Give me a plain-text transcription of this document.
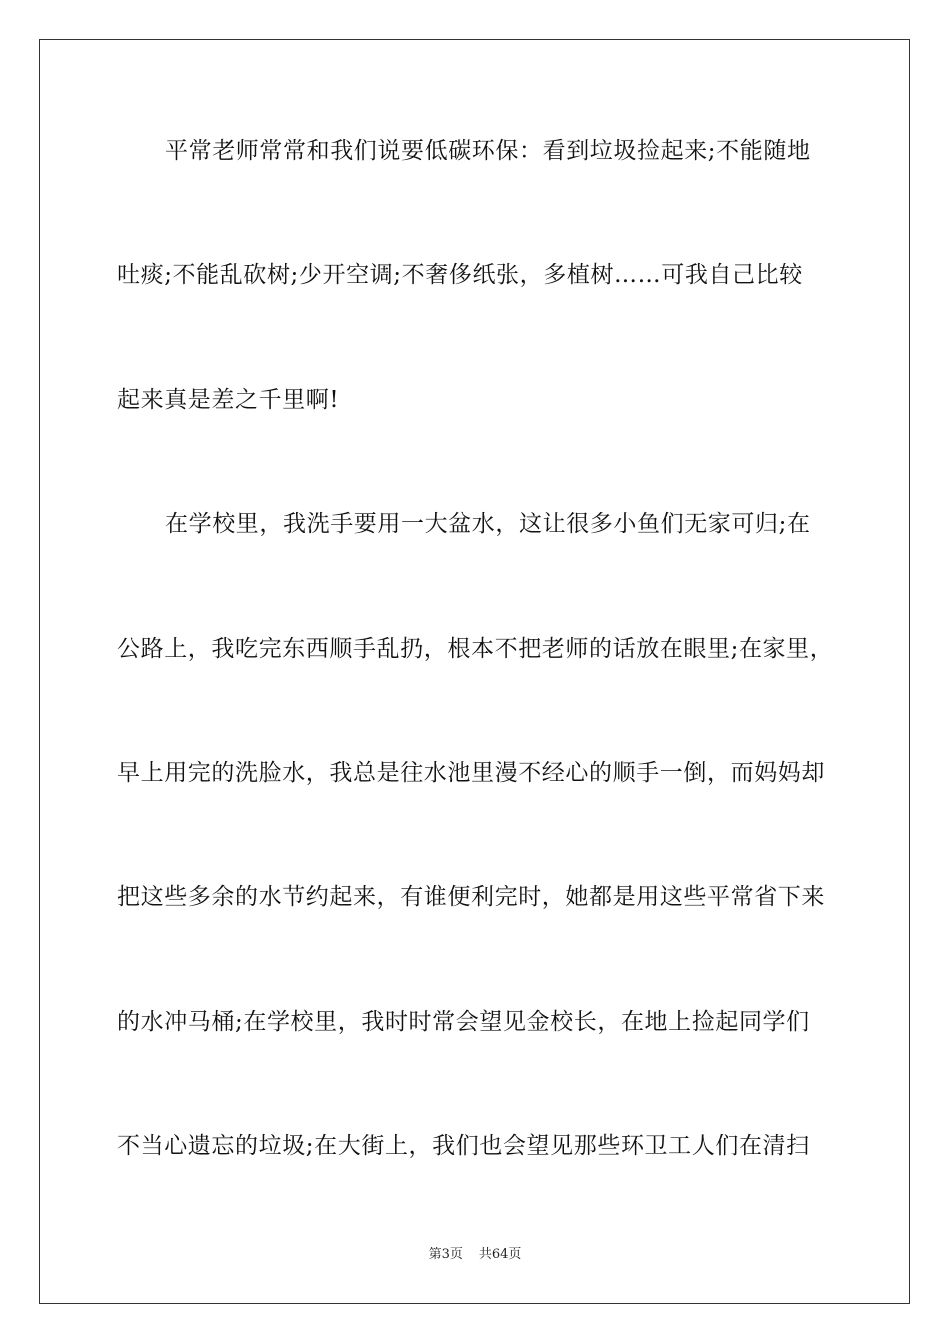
平常老师常常和我们说要低碳环保：看到垃圾捡起来;不能随地
吐痰;不能乱砍树;少开空调;不奢侈纸张，多植树……可我自己比较
起来真是差之千里啊!
在学校里，我洗手要用一大盆水，这让很多小鱼们无家可归;在
公路上，我吃完东西顺手乱扔，根本不把老师的话放在眼里;在家里，
早上用完的洗脸水，我总是往水池里漫不经心的顺手一倒，而妈妈却
把这些多余的水节约起来，有谁便利完时，她都是用这些平常省下来
的水冲马桶;在学校里，我时时常会望见金校长，在地上捡起同学们
不当心遗忘的垃圾;在大街上，我们也会望见那些环卫工人们在清扫
第3页 共64页
